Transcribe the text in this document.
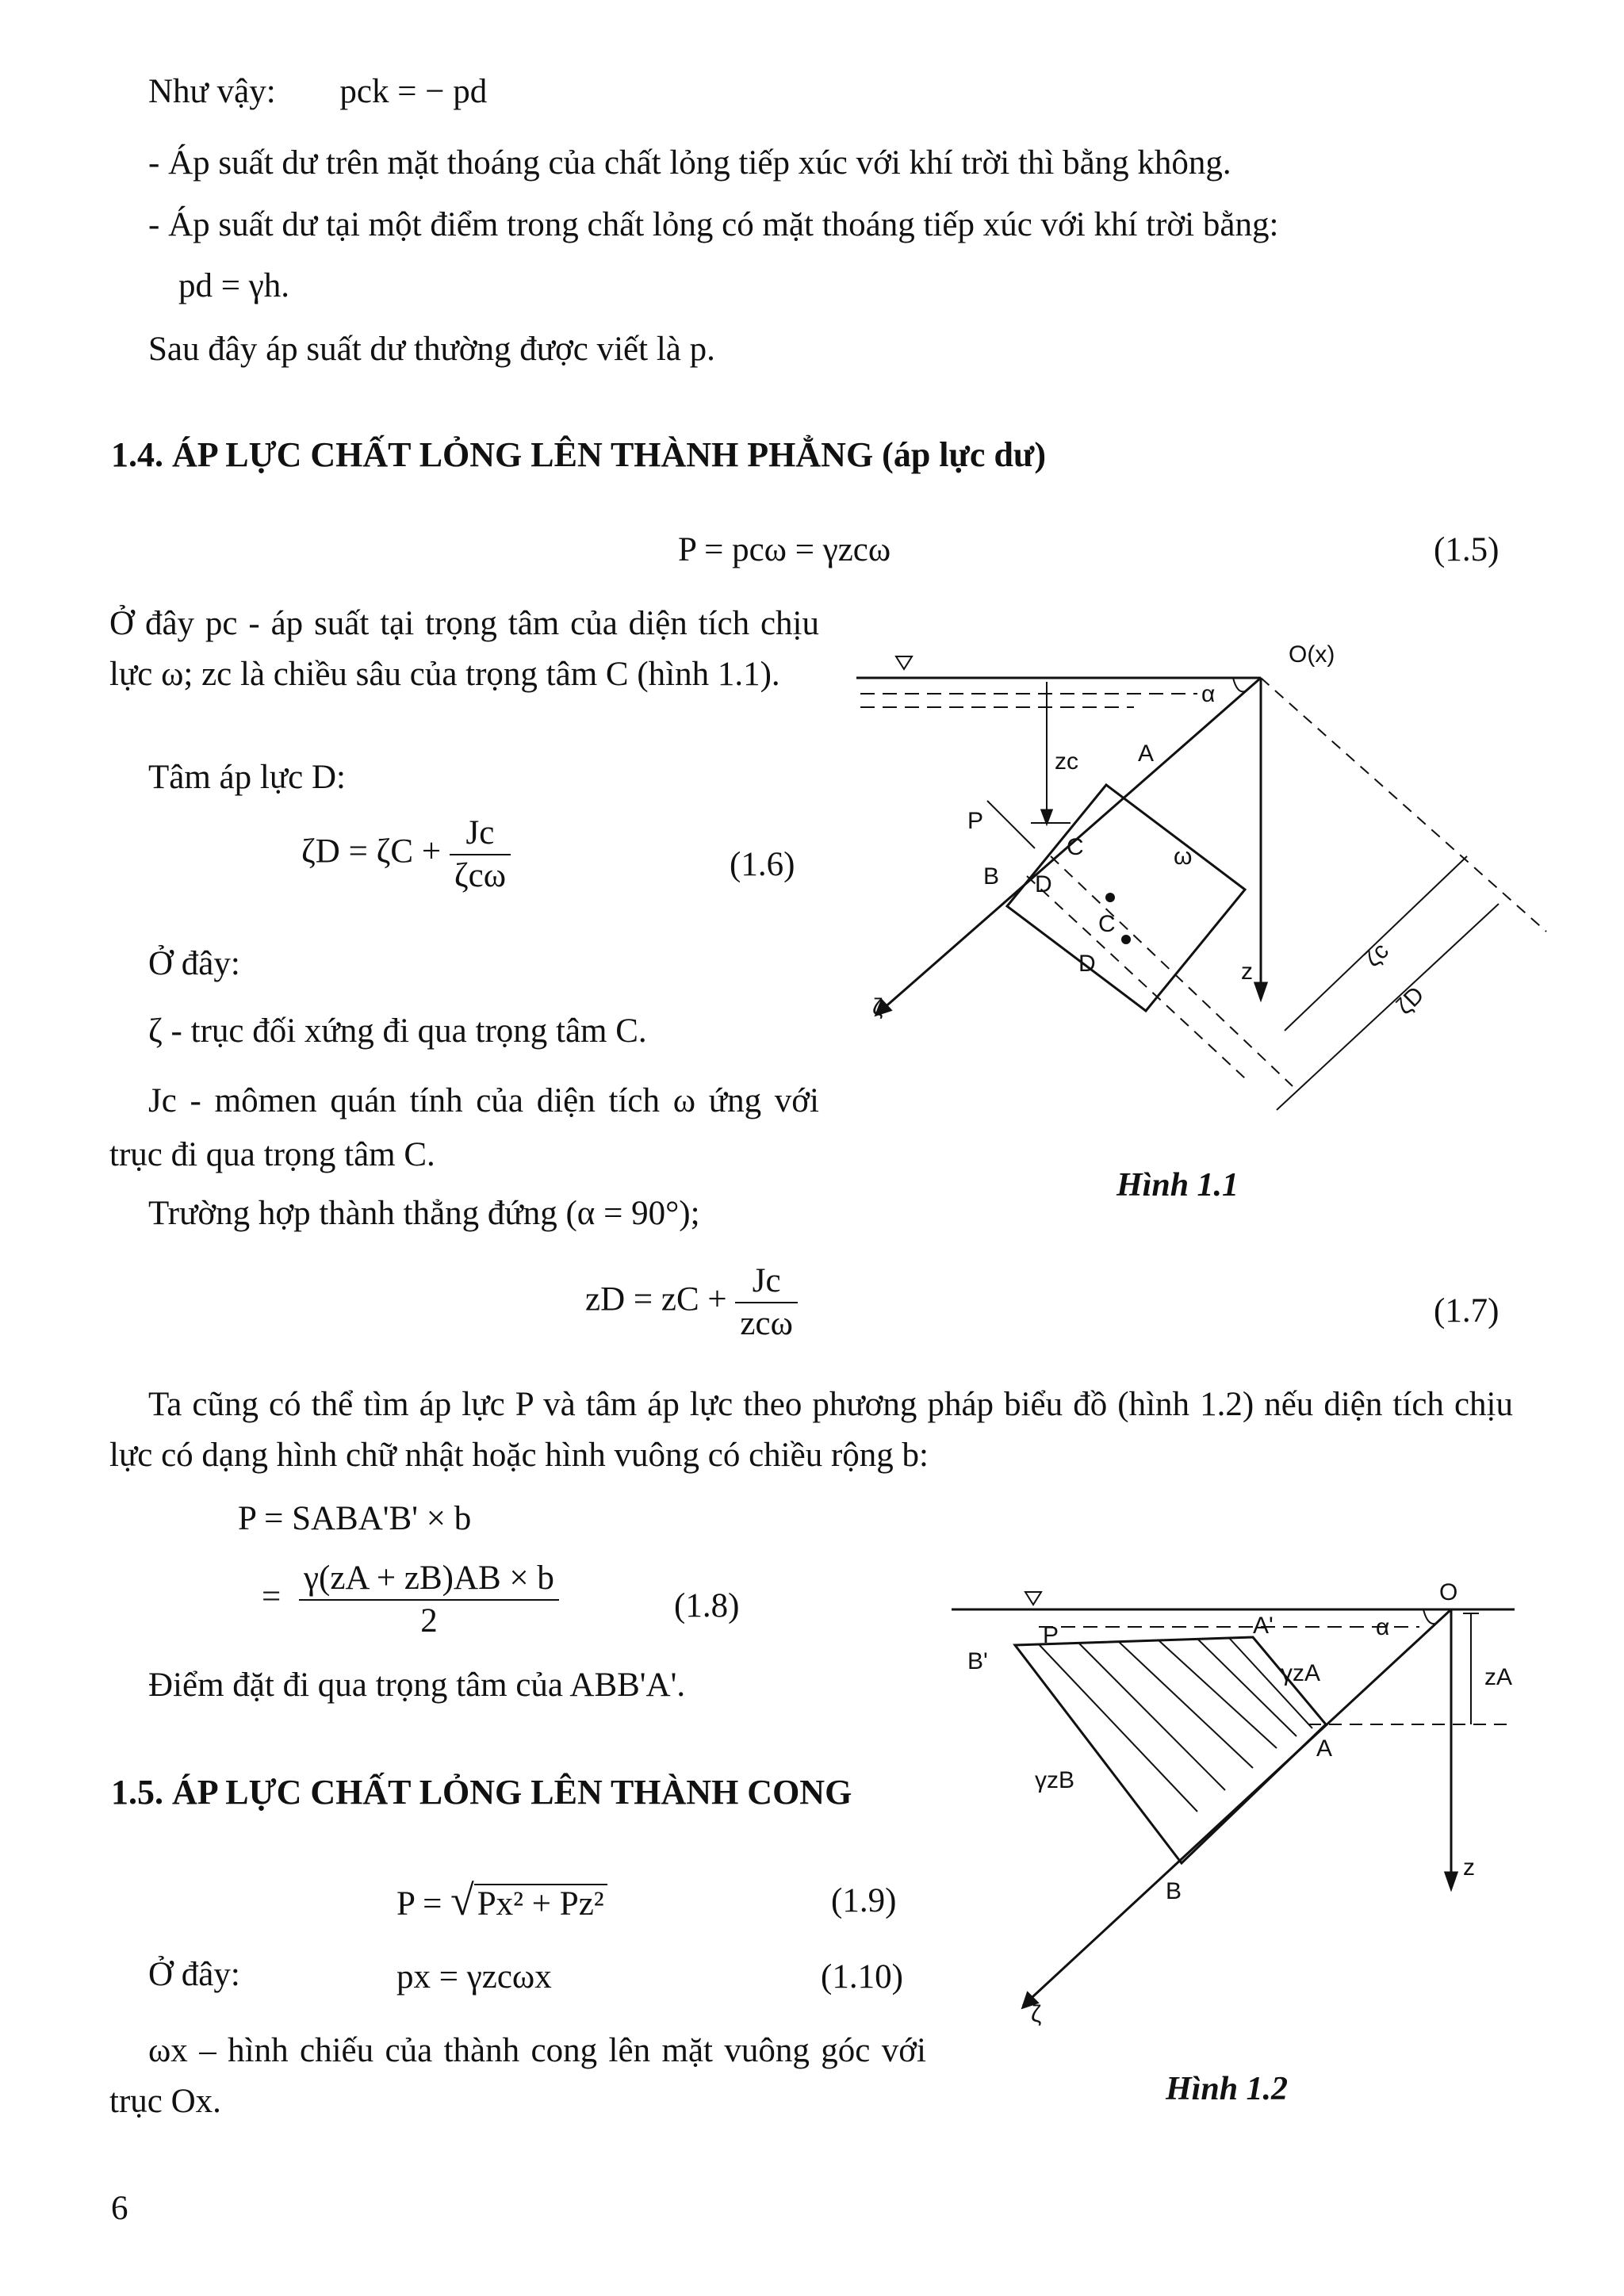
Như vậy: pck = − pd
- Áp suất dư trên mặt thoáng của chất lỏng tiếp xúc với khí trời thì bằng không.
- Áp suất dư tại một điểm trong chất lỏng có mặt thoáng tiếp xúc với khí trời bằng:
pd = γh.
Sau đây áp suất dư thường được viết là p.
1.4. ÁP LỰC CHẤT LỎNG LÊN THÀNH PHẲNG (áp lực dư)
P = pcω = γzcω	(1.5)
Ở đây pc - áp suất tại trọng tâm của diện tích chịu lực ω; zc là chiều sâu của trọng tâm C (hình 1.1).
Tâm áp lực D:
$\zeta D = \zeta C + \frac{Jc}{\text{ζcω}}$	(1.6)
Ở đây:
ζ - trục đối xứng đi qua trọng tâm C.
Jc - mômen quán tính của diện tích ω ứng với trục đi qua trọng tâm C.
Trường hợp thành thẳng đứng (α = 90°);
zD = zC + $\frac{Jc}{\text{zcω}}$	(1.7)
Ta cũng có thể tìm áp lực P và tâm áp lực theo phương pháp biểu đồ (hình 1.2) nếu diện tích chịu lực có dạng hình chữ nhật hoặc hình vuông có chiều rộng b:
P = SABA'B' × b
= $\frac{\gamma(zA + zB)AB \times b}{2}$	(1.8)
Điểm đặt đi qua trọng tâm của ABB'A'.
1.5. ÁP LỰC CHẤT LỎNG LÊN THÀNH CONG
P = √Px² + Pz²	(1.9)
Ở đây:	px = γzcωx	(1.10)
ωx – hình chiếu của thành cong lên mặt vuông góc với trục Ox.
6
O(x)
α
zc	A
P
C
B D
ω
C
D	z
ζ
ζc
ζD
Hình 1.1
O
P	A'	α
B'	γzA	zA
A
γzB
z
B
ζ
Hình 1.2
